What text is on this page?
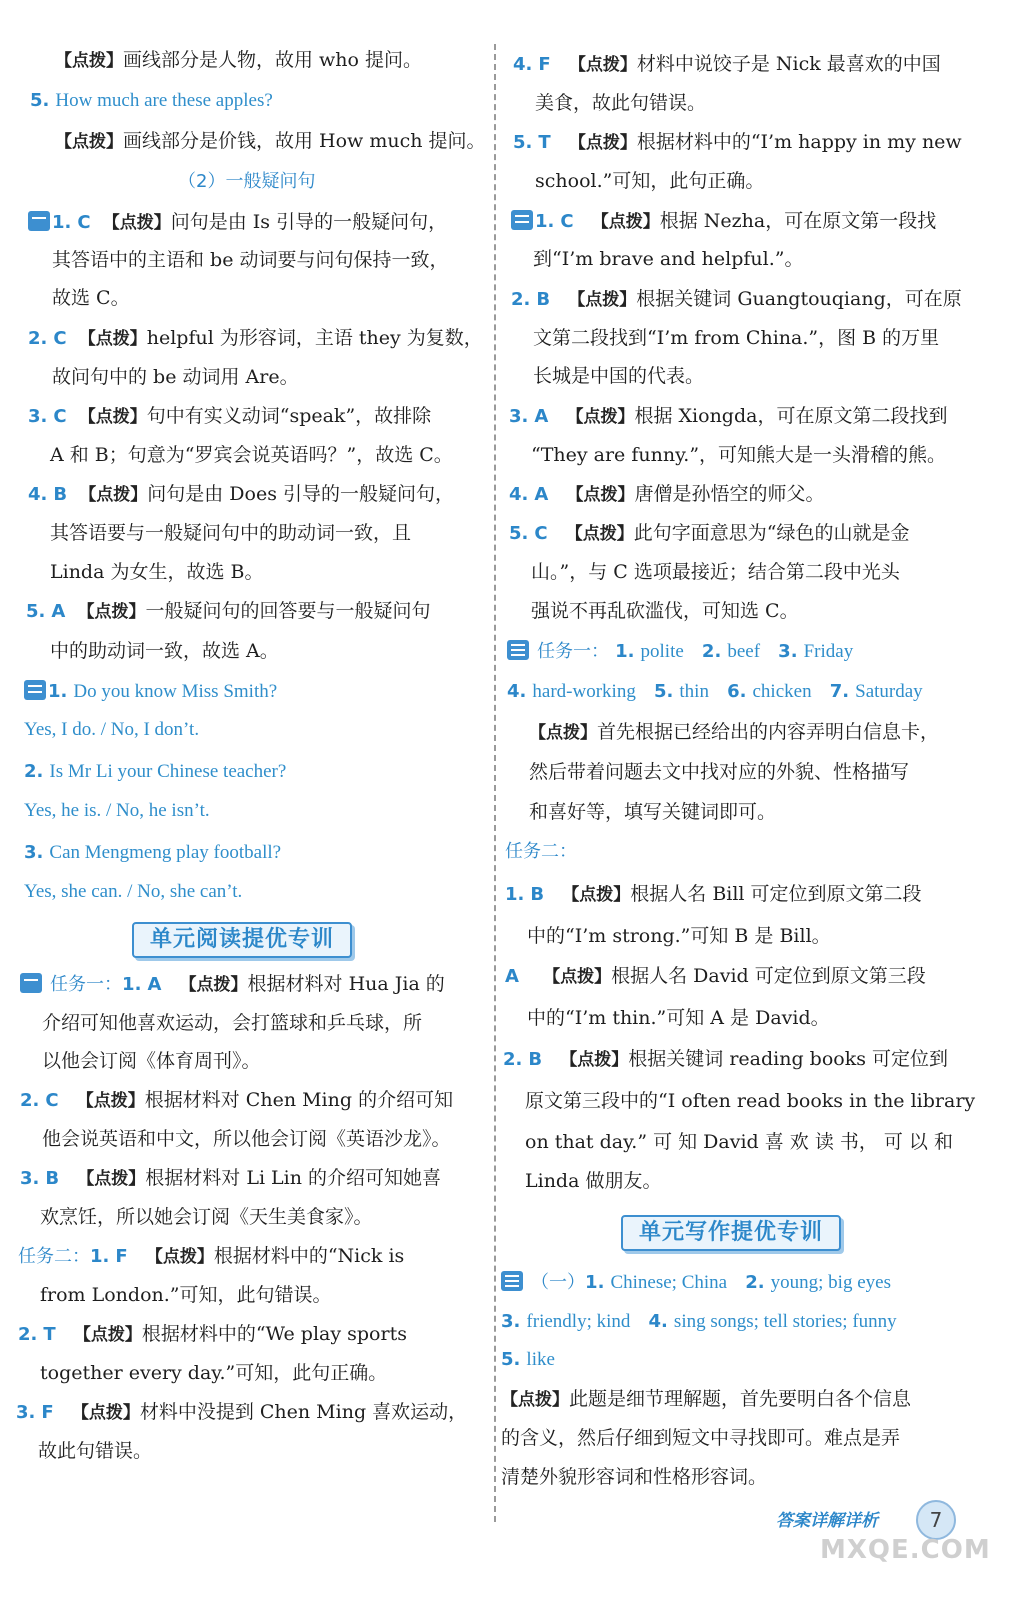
【点拨】画线部分是人物，故用 who 提问。
5. How much are these apples?
【点拨】画线部分是价钱，故用 How much 提问。
（2）一般疑问句
1. C 【点拨】问句是由 Is 引导的一般疑问句，
其答语中的主语和 be 动词要与问句保持一致，
故选 C。
2. C 【点拨】helpful 为形容词，主语 they 为复数，
故问句中的 be 动词用 Are。
3. C 【点拨】句中有实义动词“speak”，故排除
A 和 B；句意为“罗宾会说英语吗？”，故选 C。
4. B 【点拨】问句是由 Does 引导的一般疑问句，
其答语要与一般疑问句中的助动词一致，且
Linda 为女生，故选 B。
5. A 【点拨】一般疑问句的回答要与一般疑问句
中的助动词一致，故选 A。
1. Do you know Miss Smith?
Yes, I do. / No, I don’t.
2. Is Mr Li your Chinese teacher?
Yes, he is. / No, he isn’t.
3. Can Mengmeng play football?
Yes, she can. / No, she can’t.
单元阅读提优专训
任务一：1. A 【点拨】根据材料对 Hua Jia 的
介绍可知他喜欢运动，会打篮球和乒乓球，所
以他会订阅《体育周刊》。
2. C 【点拨】根据材料对 Chen Ming 的介绍可知
他会说英语和中文，所以他会订阅《英语沙龙》。
3. B 【点拨】根据材料对 Li Lin 的介绍可知她喜
欢烹饪，所以她会订阅《天生美食家》。
任务二：1. F 【点拨】根据材料中的“Nick is
from London.”可知，此句错误。
2. T 【点拨】根据材料中的“We play sports
together every day.”可知，此句正确。
3. F 【点拨】材料中没提到 Chen Ming 喜欢运动，
故此句错误。
4. F 【点拨】材料中说饺子是 Nick 最喜欢的中国
美食，故此句错误。
5. T 【点拨】根据材料中的“I’m happy in my new
school.”可知，此句正确。
1. C 【点拨】根据 Nezha，可在原文第一段找
到“I’m brave and helpful.”。
2. B 【点拨】根据关键词 Guangtouqiang，可在原
文第二段找到“I’m from China.”，图 B 的万里
长城是中国的代表。
3. A 【点拨】根据 Xiongda，可在原文第二段找到
“They are funny.”，可知熊大是一头滑稽的熊。
4. A 【点拨】唐僧是孙悟空的师父。
5. C 【点拨】此句字面意思为“绿色的山就是金
山。”，与 C 选项最接近；结合第二段中光头
强说不再乱砍滥伐，可知选 C。
任务一： 1. polite 2. beef 3. Friday
4. hard-working 5. thin 6. chicken 7. Saturday
【点拨】首先根据已经给出的内容弄明白信息卡，
然后带着问题去文中找对应的外貌、性格描写
和喜好等，填写关键词即可。
任务二：
1. B 【点拨】根据人名 Bill 可定位到原文第二段
中的“I’m strong.”可知 B 是 Bill。
A 【点拨】根据人名 David 可定位到原文第三段
中的“I’m thin.”可知 A 是 David。
2. B 【点拨】根据关键词 reading books 可定位到
原文第三段中的“I often read books in the library
on that day.” 可 知 David 喜 欢 读 书， 可 以 和
Linda 做朋友。
单元写作提优专训
（一）1. Chinese; China 2. young; big eyes
3. friendly; kind 4. sing songs; tell stories; funny
5. like
【点拨】此题是细节理解题，首先要明白各个信息
的含义，然后仔细到短文中寻找即可。难点是弄
清楚外貌形容词和性格形容词。
答案详解详析	7
MXQE.COM
